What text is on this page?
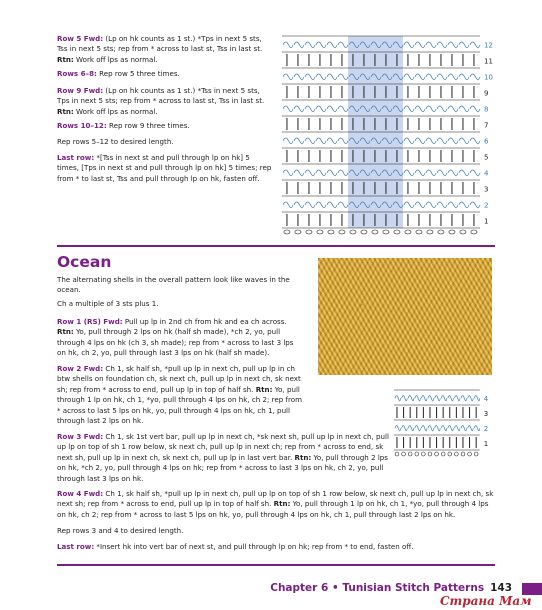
Row 5 Fwd: (Lp on hk counts as 1 st.) *Tps in next 5 sts, Tss in next 5 sts; rep from * across to last st, Tss in last st.
Rtn: Work off lps as normal.

Rows 6–8: Rep row 5 three times.

Row 9 Fwd: (Lp on hk counts as 1 st.) *Tss in next 5 sts, Tps in next 5 sts; rep from * across to last st, Tss in last st.
Rtn: Work off lps as normal.

Rows 10–12: Rep row 9 three times.

Rep rows 5–12 to desired length.

Last row: *[Tss in next st and pull through lp on hk] 5 times, [Tps in next st and pull through lp on hk] 5 times; rep from * to last st, Tss and pull through lp on hk, fasten off.

12
11
10
9
8
7
6
5
4
3
2
1
Ocean

The alternating shells in the overall pattern look like waves in the ocean.

Ch a multiple of 3 sts plus 1.

Row 1 (RS) Fwd: Pull up lp in 2nd ch from hk and ea ch across. Rtn: Yo, pull through 2 lps on hk (half sh made), *ch 2, yo, pull through 4 lps on hk (ch 3, sh made); rep from * across to last 3 lps on hk, ch 2, yo, pull through last 3 lps on hk (half sh made).

Row 2 Fwd: Ch 1, sk half sh, *pull up lp in next ch, pull up lp in ch btw shells on foundation ch, sk next ch, pull up lp in next ch, sk next sh; rep from * across to end, pull up lp in top of half sh. Rtn: Yo, pull through 1 lp on hk, ch 1, *yo, pull through 4 lps on hk, ch 2; rep from * across to last 5 lps on hk, yo, pull through 4 lps on hk, ch 1, pull through last 2 lps on hk.

4
3
2
1

Row 3 Fwd: Ch 1, sk 1st vert bar, pull up lp in next ch, *sk next sh, pull up lp in next ch, pull up lp on top of sh 1 row below, sk next ch, pull up lp in next ch; rep from * across to end, sk next sh, pull up lp in next ch, sk next ch, pull up lp in last vert bar. Rtn: Yo, pull through 2 lps on hk, *ch 2, yo, pull through 4 lps on hk; rep from * across to last 3 lps on hk, ch 2, yo, pull through last 3 lps on hk.

Row 4 Fwd: Ch 1, sk half sh, *pull up lp in next ch, pull up lp on top of sh 1 row below, sk next ch, pull up lp in next ch, sk next sh; rep from * across to end, pull up lp in top of half sh. Rtn: Yo, pull through 1 lp on hk, ch 1, *yo, pull through 4 lps on hk, ch 2; rep from * across to last 5 lps on hk, yo, pull through 4 lps on hk, ch 1, pull through last 2 lps on hk.

Rep rows 3 and 4 to desired length.

Last row: *Insert hk into vert bar of next st, and pull through lp on hk; rep from * to end, fasten off.

Chapter 6 • Tunisian Stitch Patterns 143
Страна Мам
